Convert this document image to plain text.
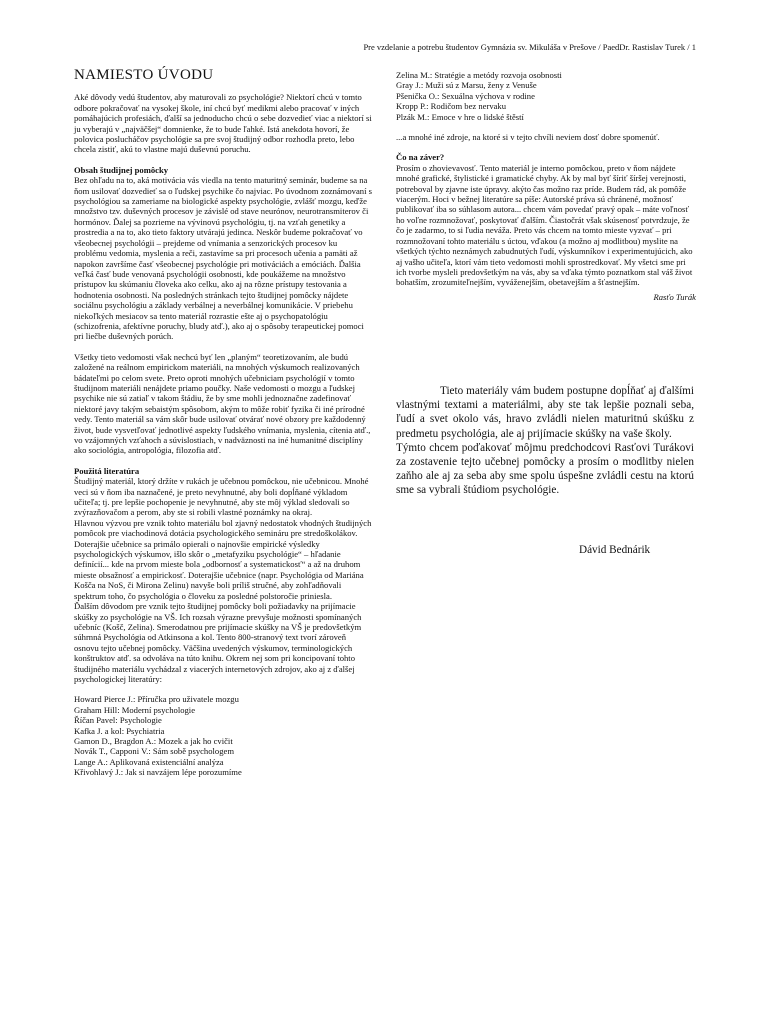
Pre vzdelanie a potrebu študentov Gymnázia sv. Mikuláša v Prešove / PaedDr. Rastislav Turek / 1
NAMIESTO ÚVODU

Aké dôvody vedú študentov, aby maturovali zo psychológie? Niektorí chcú v tomto odbore pokračovať na vysokej škole, iní chcú byť medikmi alebo pracovať v iných pomáhajúcich profesiách, ďalší sa jednoducho chcú o sebe dozvedieť viac a niektorí si ju vyberajú v „najväčšej“ domnienke, že to bude ľahké. Istá anekdota hovorí, že polovica poslucháčov psychológie sa pre svoj študijný odbor rozhodla preto, lebo chcela zistiť, akú to vlastne majú duševnú poruchu.

Obsah študijnej pomôcky

Bez ohľadu na to, aká motivácia vás viedla na tento maturitný seminár, budeme sa na ňom usilovať dozvedieť sa o ľudskej psychike čo najviac. Po úvodnom zoznámovaní s psychológiou sa zameriame na biologické aspekty psychológie, zvlášť mozgu, keďže množstvo tzv. duševných procesov je závislé od stave neurónov, neurotransmiterov či hormónov. Ďalej sa pozrieme na vývinovú psychológiu, tj. na vzťah genetiky a prostredia a na to, ako tieto faktory utvárajú jedinca. Neskôr budeme pokračovať vo všeobecnej psychológii – prejdeme od vnímania a senzorických procesov ku problému vedomia, myslenia a reči, zastavíme sa pri procesoch učenia a pamäti až napokon završíme časť všeobecnej psychológie pri motiváciách a emóciách. Ďalšia veľká časť bude venovaná psychológii osobnosti, kde poukážeme na množstvo prístupov ku skúmaniu človeka ako celku, ako aj na rôzne prístupy testovania a hodnotenia osobnosti. Na posledných stránkach tejto študijnej pomôcky nájdete sociálnu psychológiu a základy verbálnej a neverbálnej komunikácie. V priebehu niekoľkých mesiacov sa tento materiál rozrastie ešte aj o psychopatológiu (schizofrenia, afektívne poruchy, bludy atď.), ako aj o spôsoby terapeutickej pomoci pri liečbe duševných porúch.

Všetky tieto vedomosti však nechcú byť len „planým“ teoretizovaním, ale budú založené na reálnom empirickom materiáli, na mnohých výskumoch realizovaných bádateľmi po celom svete. Preto oproti mnohých učebniciam psychológií v tomto študijnom materiáli nenájdete priamo poučky. Naše vedomosti o mozgu a ľudskej psychike nie sú zatiaľ v takom štádiu, že by sme mohli jednoznačne zadefinovať niektoré javy takým sebaistým spôsobom, akým to môže robiť fyzika či iné prírodné vedy. Tento materiál sa vám skôr bude usilovať otvárať nové obzory pre každodenný život, bude vysvetľovať jednotlivé aspekty ľudského vnímania, myslenia, cítenia atď., vo vzájomných vzťahoch a súvislostiach, v nadväznosti na iné humanitné disciplíny ako sociológia, antropológia, filozofia atď.

Použitá literatúra

Študijný materiál, ktorý držíte v rukách je učebnou pomôckou, nie učebnicou. Mnohé veci sú v ňom iba naznačené, je preto nevyhnutné, aby boli dopĺňané výkladom učiteľa; tj. pre lepšie pochopenie je nevyhnutné, aby ste môj výklad sledovali so zvýrazňovačom a perom, aby ste si robili vlastné poznámky na okraj.

Hlavnou výzvou pre vznik tohto materiálu bol zjavný nedostatok vhodných študijných pomôcok pre viachodinová dotácia psychologického semináru pre stredoškolákov. Doterajšie učebnice sa primálo opierali o najnovšie empirické výsledky psychologických výskumov, išlo skôr o „metafyziku psychológie“ – hľadanie definícií... kde na prvom mieste bola „odbornosť a systematickosť“ a až na druhom mieste obsažnosť a empirickosť. Doterajšie učebnice (napr. Psychológia od Mariána Košča na NoS, či Mirona Zelinu) navyše boli príliš stručné, aby zohľadňovali spektrum toho, čo psychológia o človeku za posledné polstoročie priniesla.

Ďalším dôvodom pre vznik tejto študijnej pomôcky boli požiadavky na prijímacie skúšky zo psychológie na VŠ. Ich rozsah výrazne prevyšuje možnosti spomínaných učebníc (Košč, Zelina). Smerodatnou pre prijímacie skúšky na VŠ je predovšetkým súhrnná Psychológia od Atkinsona a kol. Tento 800-stranový text tvorí zároveň osnovu tejto učebnej pomôcky. Väčšina uvedených výskumov, terminologických konštruktov atď. sa odvoláva na túto knihu. Okrem nej som pri koncipovaní tohto študijného materiálu vychádzal z viacerých internetových zdrojov, ako aj z ďalšej psychologickej literatúry:

Howard Pierce J.: Příručka pro uživatele mozgu

Graham Hill: Moderní psychologie

Říčan Pavel: Psychologie

Kafka J. a kol: Psychiatria

Gamon D., Bragdon A.: Mozek a jak ho cvičit

Novák T., Capponi V.: Sám sobě psychologem

Lange A.: Aplikovaná existenciální analýza

Křivohlavý J.: Jak si navzájem lépe porozumíme

Zelina M.: Stratégie a metódy rozvoja osobnosti

Gray J.: Muži sú z Marsu, ženy z Venuše

Pšenička O.: Sexuálna výchova v rodine

Kropp P.: Rodičom bez nervaku

Plzák M.: Emoce v hre o lidské štěstí

...a mnohé iné zdroje, na ktoré si v tejto chvíli neviem dosť dobre spomenúť.

Čo na záver?

Prosím o zhovievavosť. Tento materiál je interno pomôckou, preto v ňom nájdete mnohé grafické, štylistické i gramatické chyby. Ak by mal byť šíriť šíršej verejnosti, potreboval by zjavne iste úpravy. akýto čas možno raz príde. Budem rád, ak pomôže viacerým. Hoci v bežnej literatúre sa píše: Autorské práva sú chránené, možnosť publikovať iba so súhlasom autora... chcem vám povedať pravý opak – máte voľnosť ho voľne rozmnožovať, poskytovať ďalším. Čiastočrát však skúsenosť potvrdzuje, že čo je zadarmo, to si ľudia neváža. Preto vás chcem na tomto mieste vyzvať – pri rozmnožovaní tohto materiálu s úctou, vďakou (a možno aj modlitbou) myslite na všetkých týchto neznámych zabudnutých ľudí, výskumníkov i experimentujúcich, ako aj vašho učiteľa, ktorí vám tieto vedomosti mohli sprostredkovať. My všetci sme pri ich tvorbe mysleli predovšetkým na vás, aby sa vďaka týmto poznatkom stal váš život bohatším, zrozumiteľnejším, vyváženejším, obetavejším a šťastnejším.

Rasťo Turák

Tieto materiály vám budem postupne dopĺňať aj ďalšími vlastnými textami a materiálmi, aby ste tak lepšie poznali seba, ľudí a svet okolo vás, hravo zvládli nielen maturitnú skúšku z predmetu psychológia, ale aj prijímacie skúšky na vaše školy.

Týmto chcem poďakovať môjmu predchodcovi Rasťovi Turákovi za zostavenie tejto učebnej pomôcky a prosím o modlitby nielen zaňho ale aj za seba aby sme spolu úspešne zvládli cestu na ktorú sme sa vybrali štúdiom psychológie.

Dávid Bednárik
